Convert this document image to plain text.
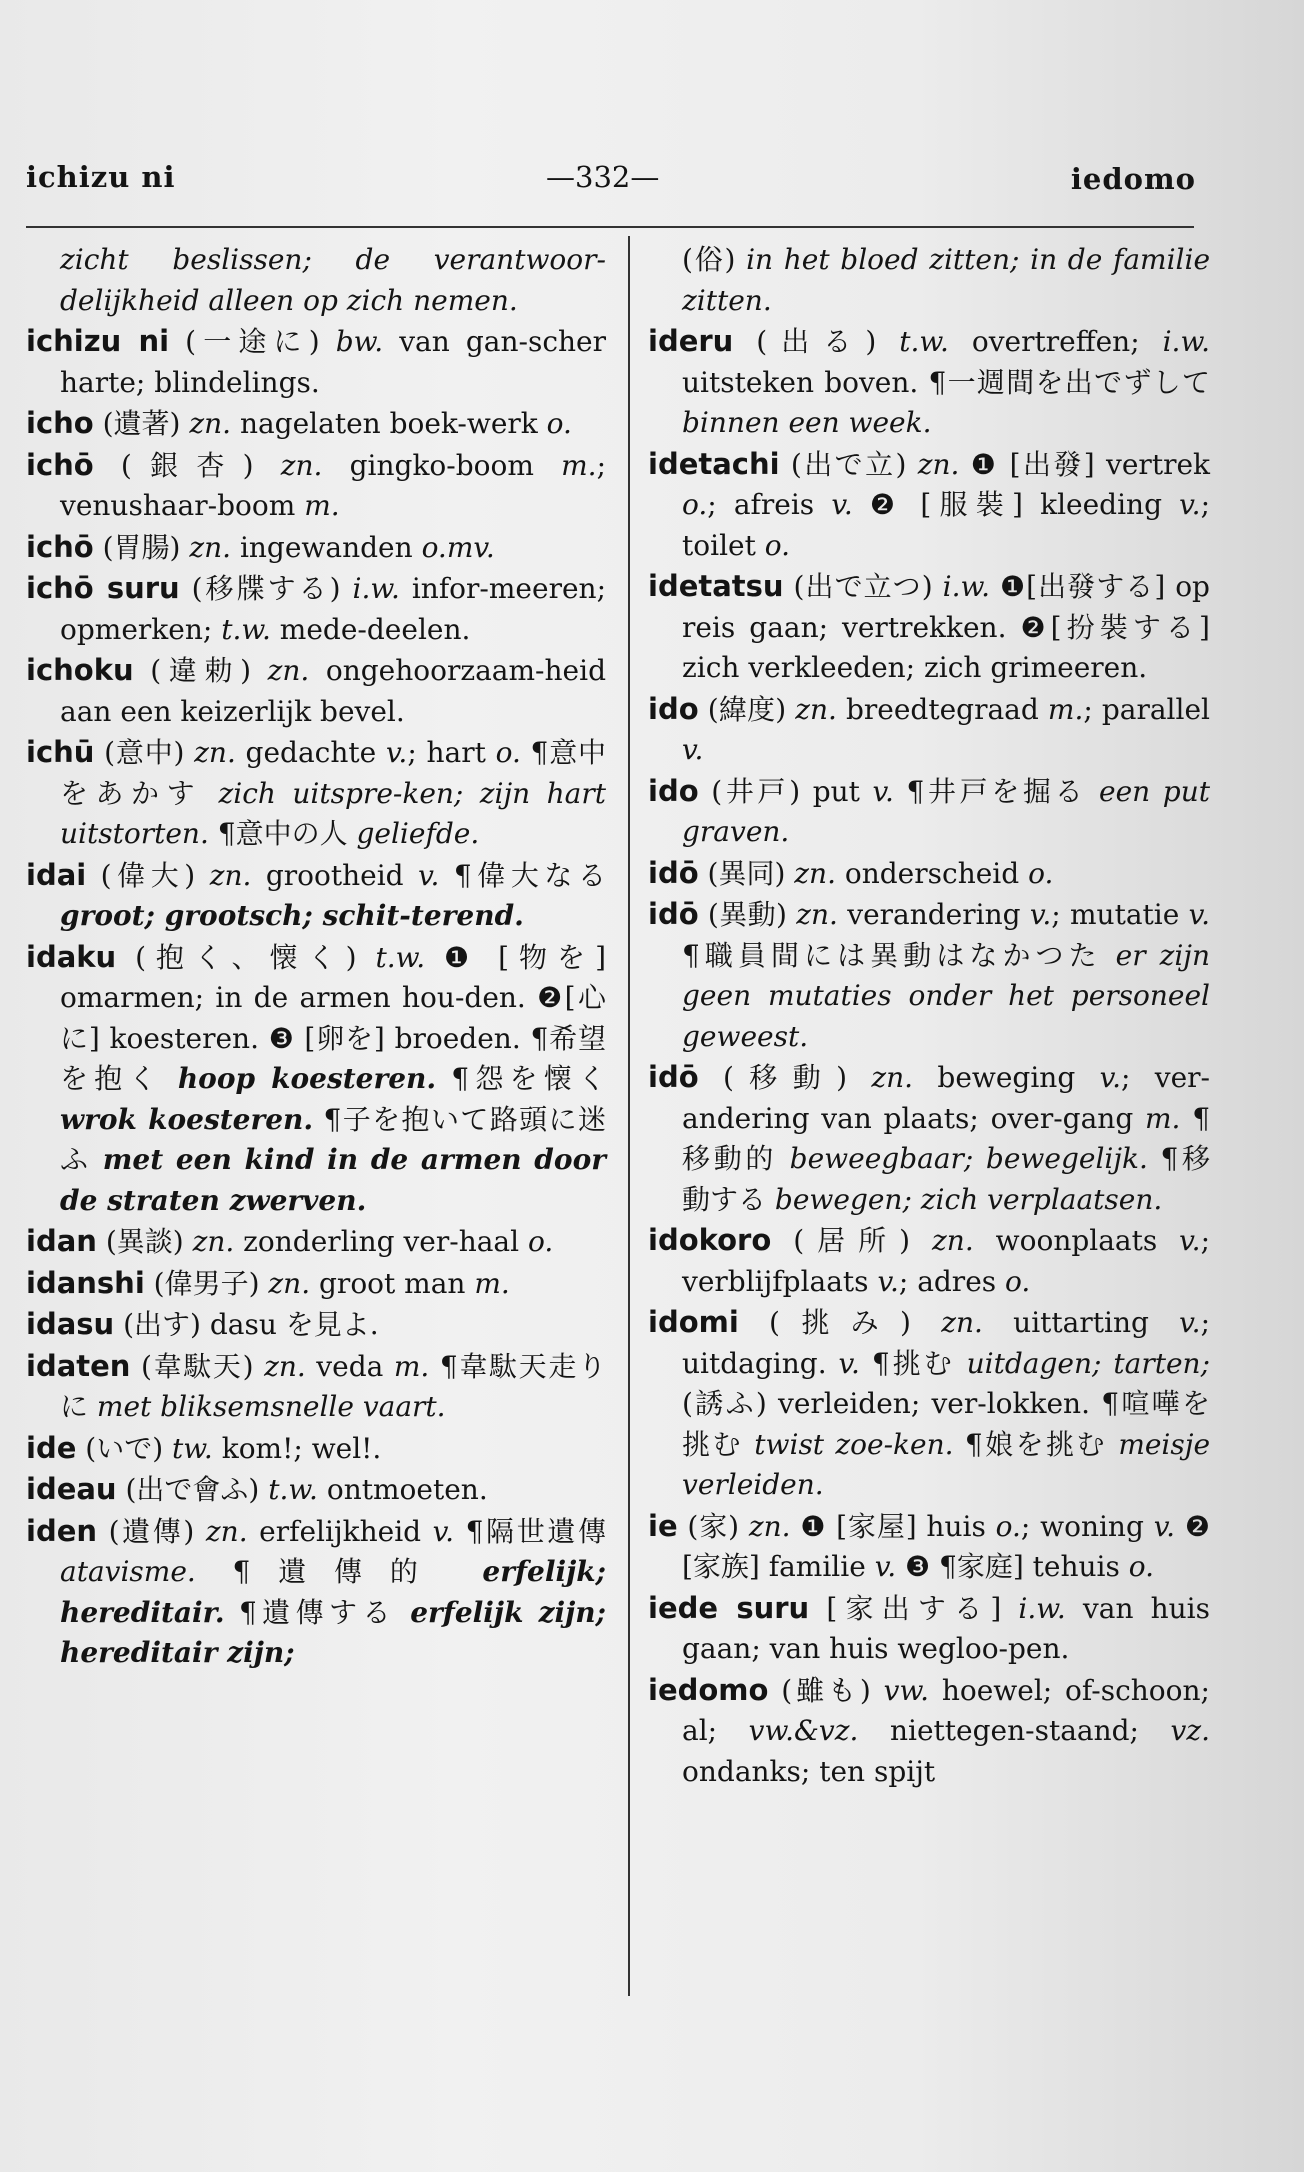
ichizu ni	—332—	iedomo

zicht beslissen; de verantwoor-delijkheid alleen op zich nemen.

ichizu ni (一途に) bw. van gan-scher harte; blindelings.

icho (遺著) zn. nagelaten boek-werk o.

ichō (銀杏) zn. gingko-boom m.; venushaar-boom m.

ichō (胃腸) zn. ingewanden o.mv.

ichō suru (移牒する) i.w. infor-meeren; opmerken; t.w. mede-deelen.

ichoku (違勅) zn. ongehoorzaam-heid aan een keizerlijk bevel.

ichū (意中) zn. gedachte v.; hart o. ¶意中をあかす zich uitspre-ken; zijn hart uitstorten. ¶意中の人 geliefde.

idai (偉大) zn. grootheid v. ¶偉大なる groot; grootsch; schit-terend.

idaku (抱く、懐く) t.w. ❶ [物を] omarmen; in de armen hou-den. ❷[心に] koesteren. ❸ [卵を] broeden. ¶希望を抱く hoop koesteren. ¶怨を懐く wrok koesteren. ¶子を抱いて路頭に迷ふ met een kind in de armen door de straten zwerven.

idan (異談) zn. zonderling ver-haal o.

idanshi (偉男子) zn. groot man m.

idasu (出す) dasu を見よ.

idaten (韋駄天) zn. veda m. ¶韋駄天走りに met bliksemsnelle vaart.

ide (いで) tw. kom!; wel!.

ideau (出で會ふ) t.w. ontmoeten.

iden (遺傳) zn. erfelijkheid v. ¶隔世遺傳 atavisme. ¶遺傳的 erfelijk; hereditair. ¶遺傳する erfelijk zijn; hereditair zijn;

(俗) in het bloed zitten; in de familie zitten.

ideru (出る) t.w. overtreffen; i.w. uitsteken boven. ¶一週間を出でずして binnen een week.

idetachi (出で立) zn. ❶ [出發] vertrek o.; afreis v. ❷ [服裝] kleeding v.; toilet o.

idetatsu (出で立つ) i.w. ❶[出發する] op reis gaan; vertrekken. ❷[扮裝する] zich verkleeden; zich grimeeren.

ido (緯度) zn. breedtegraad m.; parallel v.

ido (井戸) put v. ¶井戸を掘る een put graven.

idō (異同) zn. onderscheid o.

idō (異動) zn. verandering v.; mutatie v. ¶職員間には異動はなかつた er zijn geen mutaties onder het personeel geweest.

idō (移動) zn. beweging v.; ver-andering van plaats; over-gang m. ¶移動的 beweegbaar; bewegelijk. ¶移動する bewegen; zich verplaatsen.

idokoro (居所) zn. woonplaats v.; verblijfplaats v.; adres o.

idomi (挑み) zn. uittarting v.; uitdaging. v. ¶挑む uitdagen; tarten; (誘ふ) verleiden; ver-lokken. ¶喧嘩を挑む twist zoe-ken. ¶娘を挑む meisje verleiden.

ie (家) zn. ❶ [家屋] huis o.; woning v. ❷ [家族] familie v. ❸ ¶家庭] tehuis o.

iede suru [家出する] i.w. van huis gaan; van huis wegloo-pen.

iedomo (雖も) vw. hoewel; of-schoon; al; vw.&vz. niettegen-staand; vz. ondanks; ten spijt
